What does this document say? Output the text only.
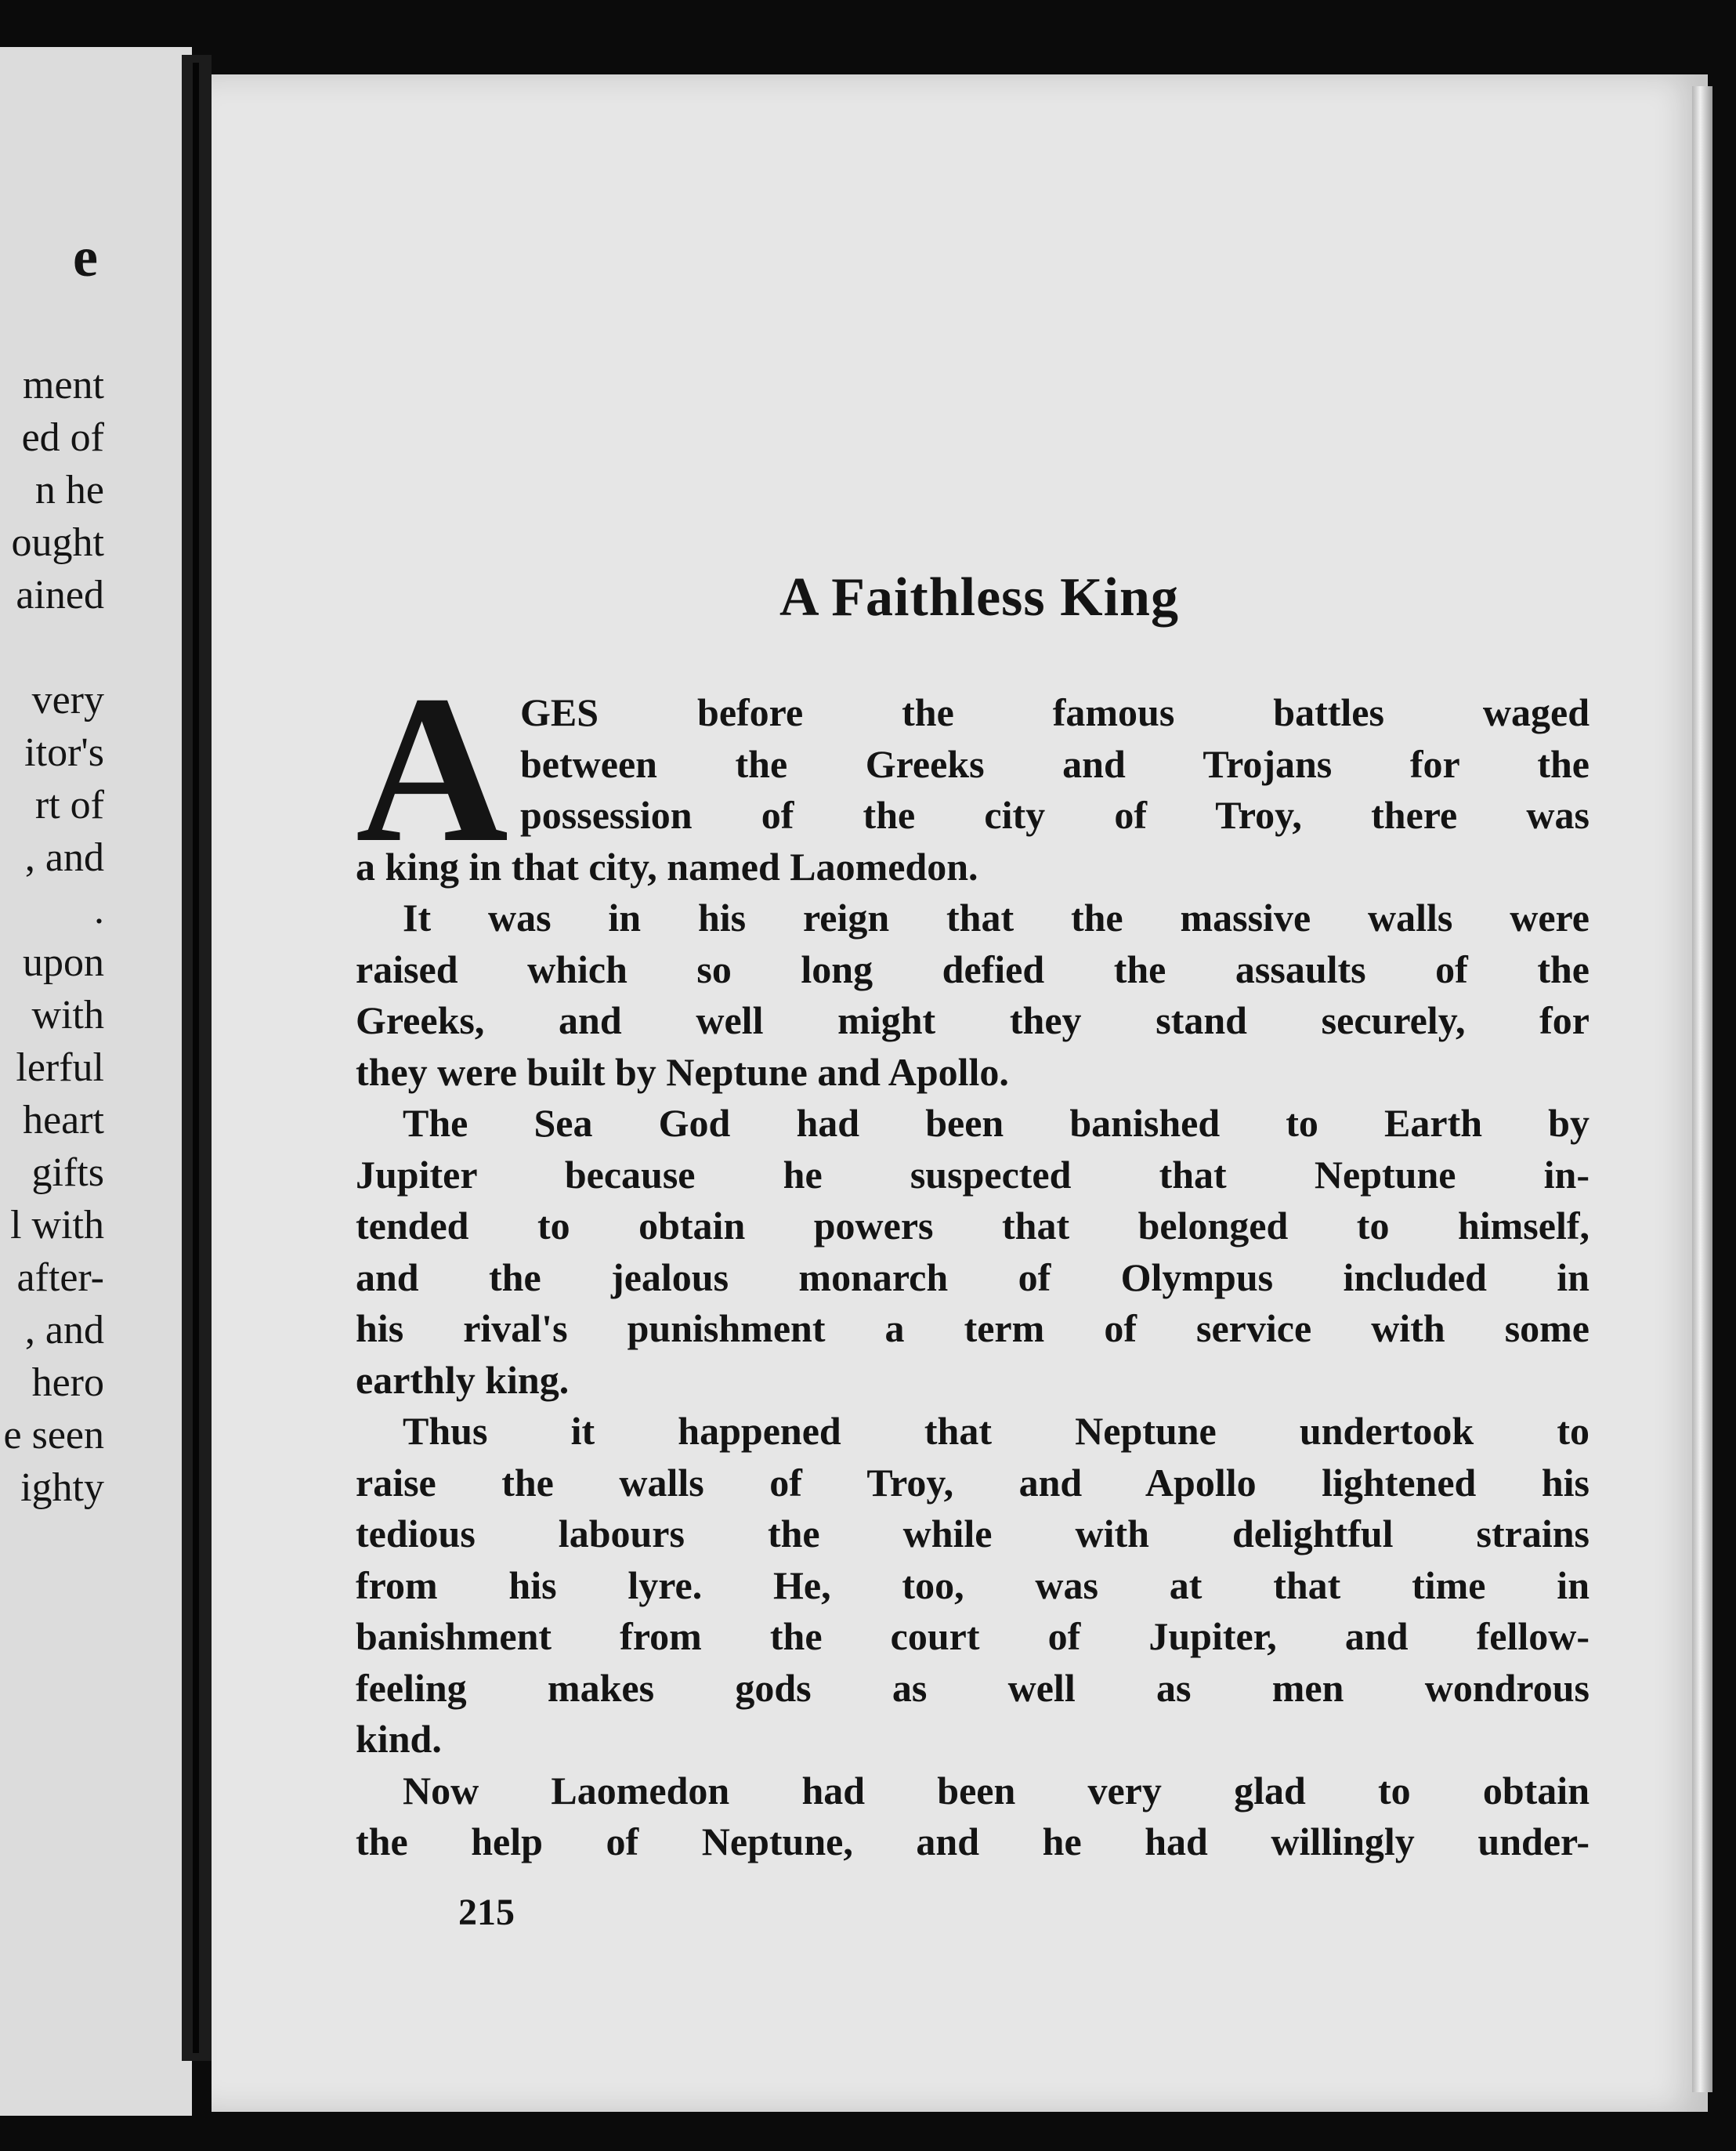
e
ment
ed of
n he
ought
ained
very
itor's
rt of
, and
.
upon
with
lerful
heart
gifts
l with
after-
, and
hero
e seen
ighty
A Faithless King
A GES before the famous battles waged
between the Greeks and Trojans for the
possession of the city of Troy, there was
a king in that city, named Laomedon.
It was in his reign that the massive walls were
raised which so long defied the assaults of the
Greeks, and well might they stand securely, for
they were built by Neptune and Apollo.
The Sea God had been banished to Earth by
Jupiter because he suspected that Neptune in-
tended to obtain powers that belonged to himself,
and the jealous monarch of Olympus included in
his rival's punishment a term of service with some
earthly king.
Thus it happened that Neptune undertook to
raise the walls of Troy, and Apollo lightened his
tedious labours the while with delightful strains
from his lyre. He, too, was at that time in
banishment from the court of Jupiter, and fellow-
feeling makes gods as well as men wondrous
kind.
Now Laomedon had been very glad to obtain
the help of Neptune, and he had willingly under-
215
